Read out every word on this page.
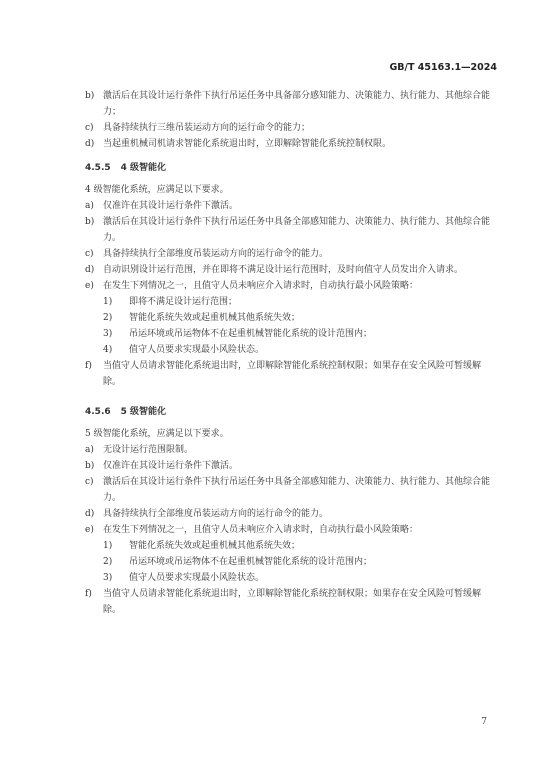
GB/T 45163.1—2024
b) 激活后在其设计运行条件下执行吊运任务中具备部分感知能力、决策能力、执行能力、其他综合能力；
c)	具备持续执行三维吊装运动方向的运行命令的能力；
d) 当起重机械司机请求智能化系统退出时，立即解除智能化系统控制权限。
4.5.5 4 级智能化
4 级智能化系统，应满足以下要求。
a)	仅准许在其设计运行条件下激活。
b) 激活后在其设计运行条件下执行吊运任务中具备全部感知能力、决策能力、执行能力、其他综合能力。
c)	具备持续执行全部维度吊装运动方向的运行命令的能力。
d) 自动识别设计运行范围，并在即将不满足设计运行范围时，及时向值守人员发出介入请求。
e)	在发生下列情况之一，且值守人员未响应介入请求时，自动执行最小风险策略：
1)	即将不满足设计运行范围；
2)	智能化系统失效或起重机械其他系统失效；
3)	吊运环境或吊运物体不在起重机械智能化系统的设计范围内；
4)	值守人员要求实现最小风险状态。
f)	当值守人员请求智能化系统退出时，立即解除智能化系统控制权限；如果存在安全风险可暂缓解除。
4.5.6 5 级智能化
5 级智能化系统，应满足以下要求。
a)	无设计运行范围限制。
b) 仅准许在其设计运行条件下激活。
c)	激活后在其设计运行条件下执行吊运任务中具备全部感知能力、决策能力、执行能力、其他综合能力。
d) 具备持续执行全部维度吊装运动方向的运行命令的能力。
e)	在发生下列情况之一，且值守人员未响应介入请求时，自动执行最小风险策略：
1)	智能化系统失效或起重机械其他系统失效；
2)	吊运环境或吊运物体不在起重机械智能化系统的设计范围内；
3)	值守人员要求实现最小风险状态。
f)	当值守人员请求智能化系统退出时，立即解除智能化系统控制权限；如果存在安全风险可暂缓解除。
7
